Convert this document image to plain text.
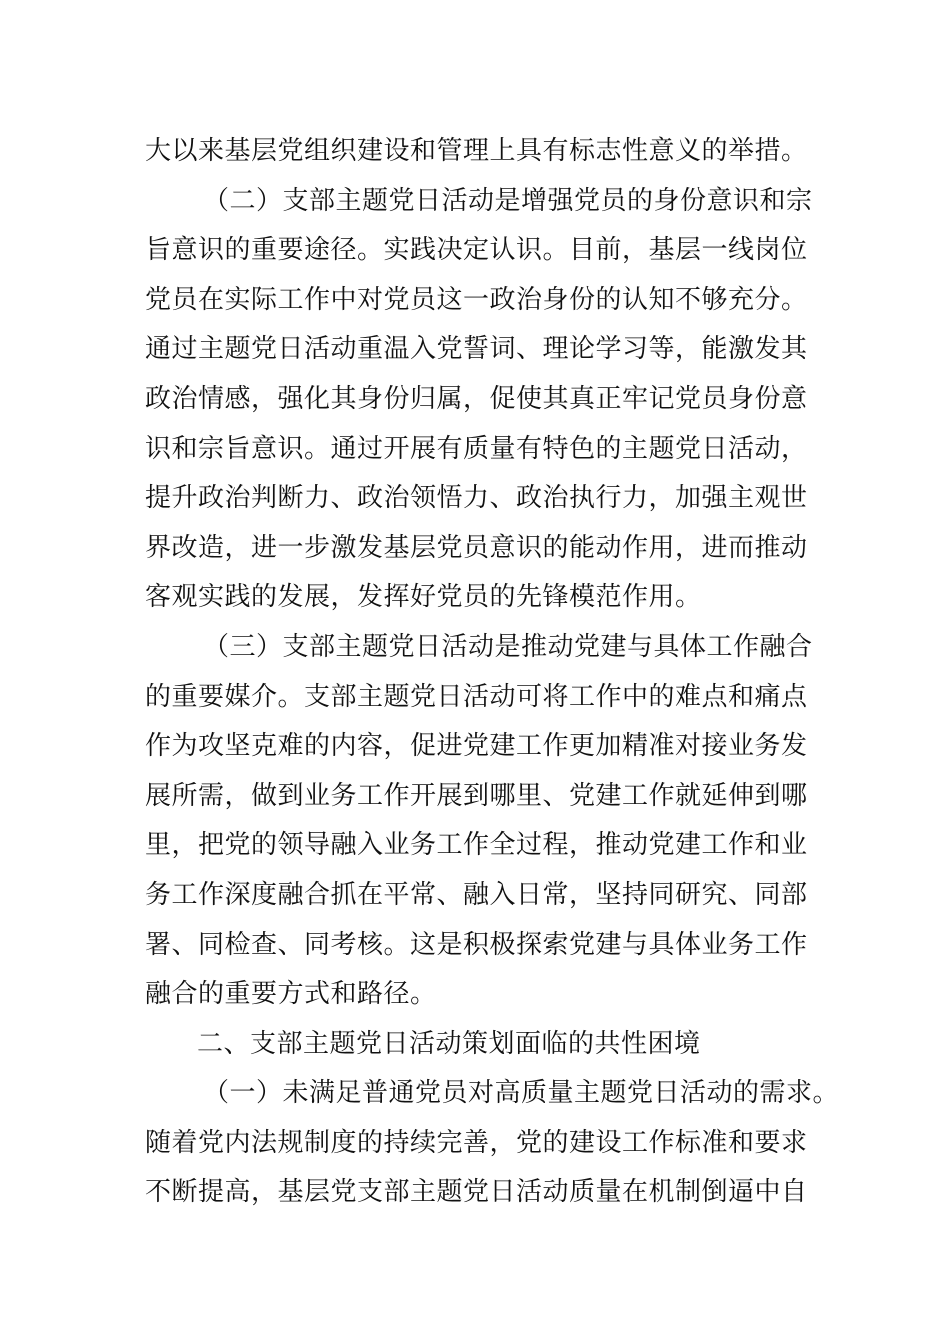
大以来基层党组织建设和管理上具有标志性意义的举措。
（二）支部主题党日活动是增强党员的身份意识和宗
旨意识的重要途径。实践决定认识。目前，基层一线岗位
党员在实际工作中对党员这一政治身份的认知不够充分。
通过主题党日活动重温入党誓词、理论学习等，能激发其
政治情感，强化其身份归属，促使其真正牢记党员身份意
识和宗旨意识。通过开展有质量有特色的主题党日活动，
提升政治判断力、政治领悟力、政治执行力，加强主观世
界改造，进一步激发基层党员意识的能动作用，进而推动
客观实践的发展，发挥好党员的先锋模范作用。
（三）支部主题党日活动是推动党建与具体工作融合
的重要媒介。支部主题党日活动可将工作中的难点和痛点
作为攻坚克难的内容，促进党建工作更加精准对接业务发
展所需，做到业务工作开展到哪里、党建工作就延伸到哪
里，把党的领导融入业务工作全过程，推动党建工作和业
务工作深度融合抓在平常、融入日常，坚持同研究、同部
署、同检查、同考核。这是积极探索党建与具体业务工作
融合的重要方式和路径。
二、支部主题党日活动策划面临的共性困境
（一）未满足普通党员对高质量主题党日活动的需求。
随着党内法规制度的持续完善，党的建设工作标准和要求
不断提高，基层党支部主题党日活动质量在机制倒逼中自
